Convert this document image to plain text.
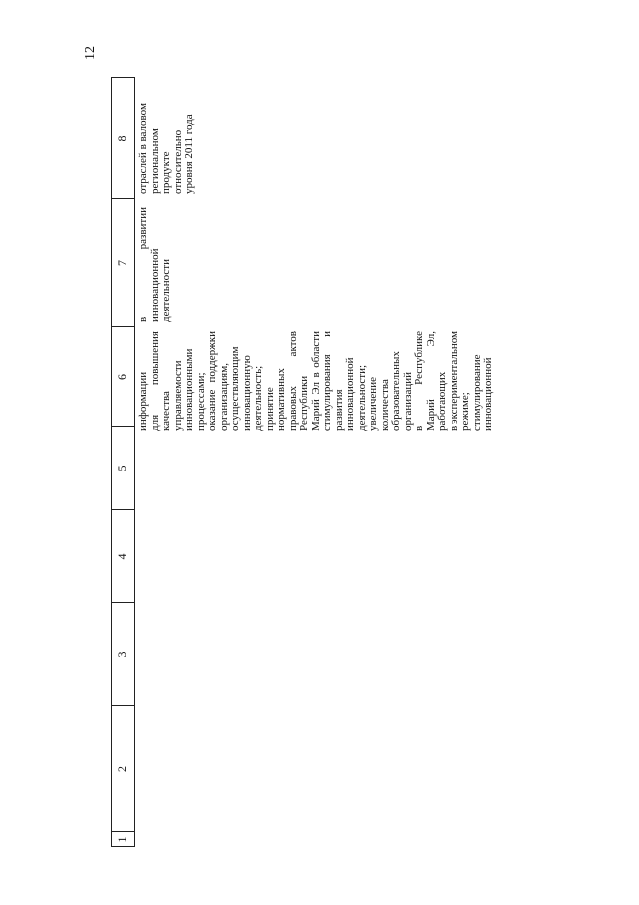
12
1
2
3
4
5
6
7
8

информации для
повышения

качества управляемости инновационными процессами; оказание
поддержки

организациям, осуществляющим инновационную деятельность; принятие нормативных правовых
актов

Республики Марий
Эл
в
области

стимулирования
и

развития инновационной деятельности; увеличение количества образовательных организаций в
Республике

Марий
Эл,

работающих в
экспериментальном режиме; стимулирование инновационной

в
развитии

инновационной деятельности

отраслей в валовом региональном продукте относительно уровня 2011 года
